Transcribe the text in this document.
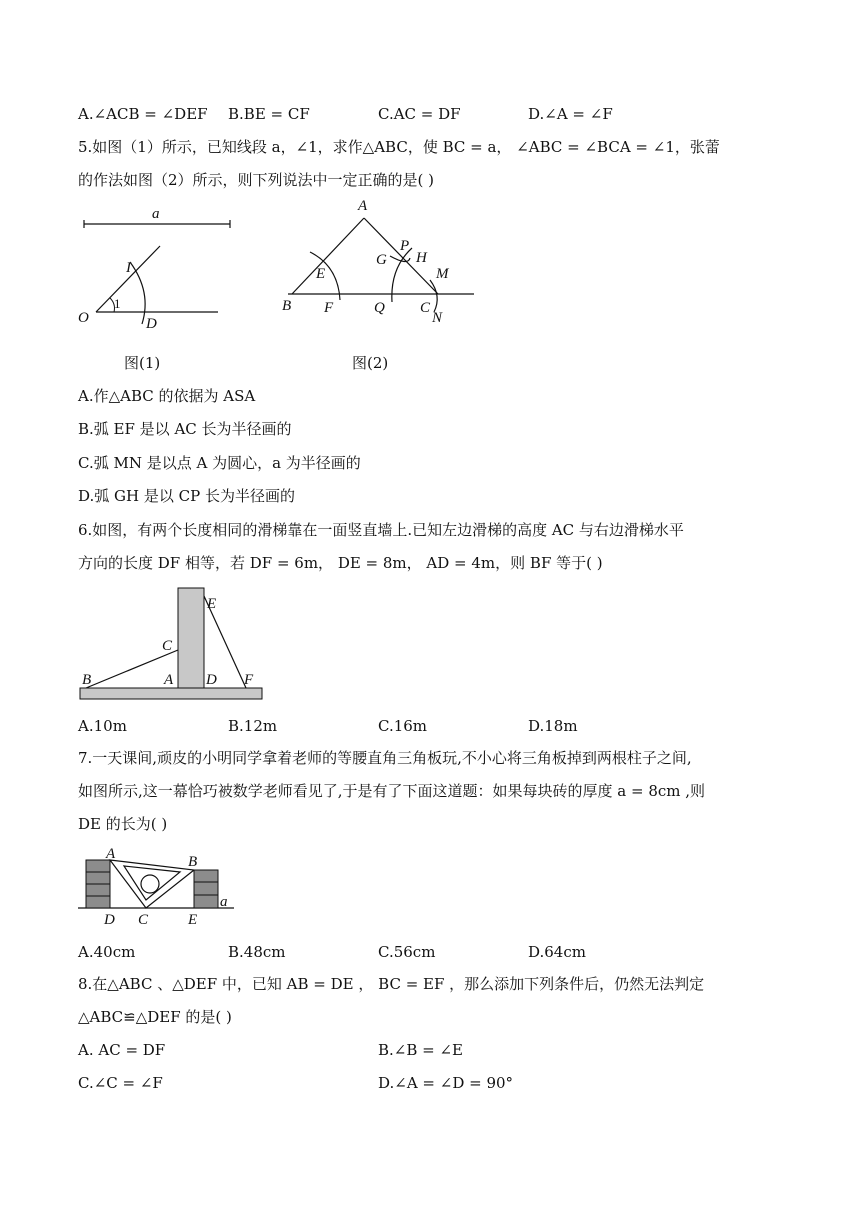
A.∠ACB = ∠DEF B.BE = CF	C.AC = DF	D.∠A = ∠F
5.如图（1）所示，已知线段 a，∠1，求作△ABC，使 BC = a， ∠ABC = ∠BCA = ∠1，张蕾
的作法如图（2）所示，则下列说法中一定正确的是( )
a
I
1
O	D
图(1)
A
P
H
G
E	M
B F	Q C
N
图(2)
A.作△ABC 的依据为 ASA
B.弧 EF 是以 AC 长为半径画的
C.弧 MN 是以点 A 为圆心，a 为半径画的
D.弧 GH 是以 CP 长为半径画的
6.如图，有两个长度相同的滑梯靠在一面竖直墙上.已知左边滑梯的高度 AC 与右边滑梯水平
方向的长度 DF 相等，若 DF = 6m， DE = 8m， AD = 4m，则 BF 等于( )
E
C
B	A D F
A.10m	B.12m	C.16m	D.18m
7.一天课间,顽皮的小明同学拿着老师的等腰直角三角板玩,不小心将三角板掉到两根柱子之间,
如图所示,这一幕恰巧被数学老师看见了,于是有了下面这道题：如果每块砖的厚度 a = 8cm ,则
DE 的长为( )
A	B
a
D C	E
A.40cm	B.48cm	C.56cm	D.64cm
8.在△ABC 、△DEF 中，已知 AB = DE ， BC = EF ，那么添加下列条件后，仍然无法判定
△ABC≌△DEF 的是( )
A. AC = DF	B.∠B = ∠E
C.∠C = ∠F	D.∠A = ∠D = 90°
